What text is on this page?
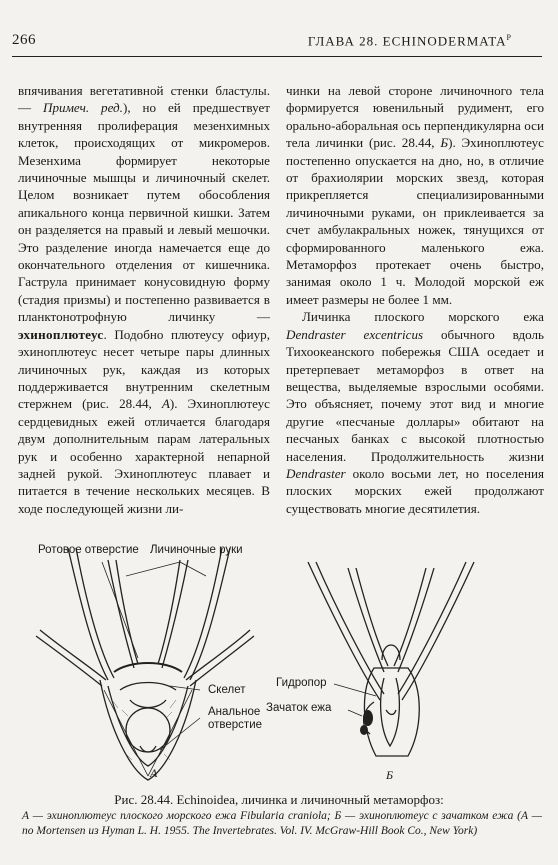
266	ГЛАВА 28. $ECHINODERMATA^Р$

впячивания вегетативной стенки бластулы. — Примеч. ред.), но ей предшествует внутренняя пролиферация мезенхимных клеток, происходящих от микромеров. Мезенхима формирует некоторые личиночные мышцы и личиночный скелет. Целом возникает путем обособления апикального конца первичной кишки. Затем он разделяется на правый и левый мешочки. Это разделение иногда намечается еще до окончательного отделения от кишечника. Гаструла принимает конусовидную форму (стадия призмы) и постепенно развивается в планктонотрофную личинку — эхиноплютеус. Подобно плютеусу офиур, эхиноплютеус несет четыре пары длинных личиночных рук, каждая из которых поддерживается внутренним скелетным стержнем (рис. 28.44, А). Эхиноплютеус сердцевидных ежей отличается благодаря двум дополнительным парам латеральных рук и особенно характерной непарной задней рукой. Эхиноплютеус плавает и питается в течение нескольких месяцев. В ходе последующей жизни ли-

чинки на левой стороне личиночного тела формируется ювенильный рудимент, его орально-аборальная ось перпендикулярна оси тела личинки (рис. 28.44, Б). Эхиноплютеус постепенно опускается на дно, но, в отличие от брахиолярии морских звезд, которая прикрепляется специализированными личиночными руками, он приклеивается за счет амбулакральных ножек, тянущихся от сформированного маленького ежа. Метаморфоз протекает очень быстро, занимая около 1 ч. Молодой морской еж имеет размеры не более 1 мм.

Личинка плоского морского ежа Dendraster excentricus обычного вдоль Тихоокеанского побережья США оседает и претерпевает метаморфоз в ответ на вещества, выделяемые взрослыми особями. Это объясняет, почему этот вид и многие другие «песчаные доллары» обитают на песчаных банках с высокой плотностью населения. Продолжительность жизни Dendraster около восьми лет, но поселения плоских морских ежей продолжают существовать многие десятилетия.

Ротовое отверстие Личиночные руки
Скелет
Анальное
отверстие
А
Гидропор
Зачаток ежа
Б
Рис. 28.44. Echinoidea, личинка и личиночный метаморфоз:
А — эхиноплютеус плоского морского ежа Fibularia craniola; Б — эхиноплютеус с зачатком ежа (А — по Mortensen из Hyman L. H. 1955. The Invertebrates. Vol. IV. McGraw-Hill Book Co., New York)
